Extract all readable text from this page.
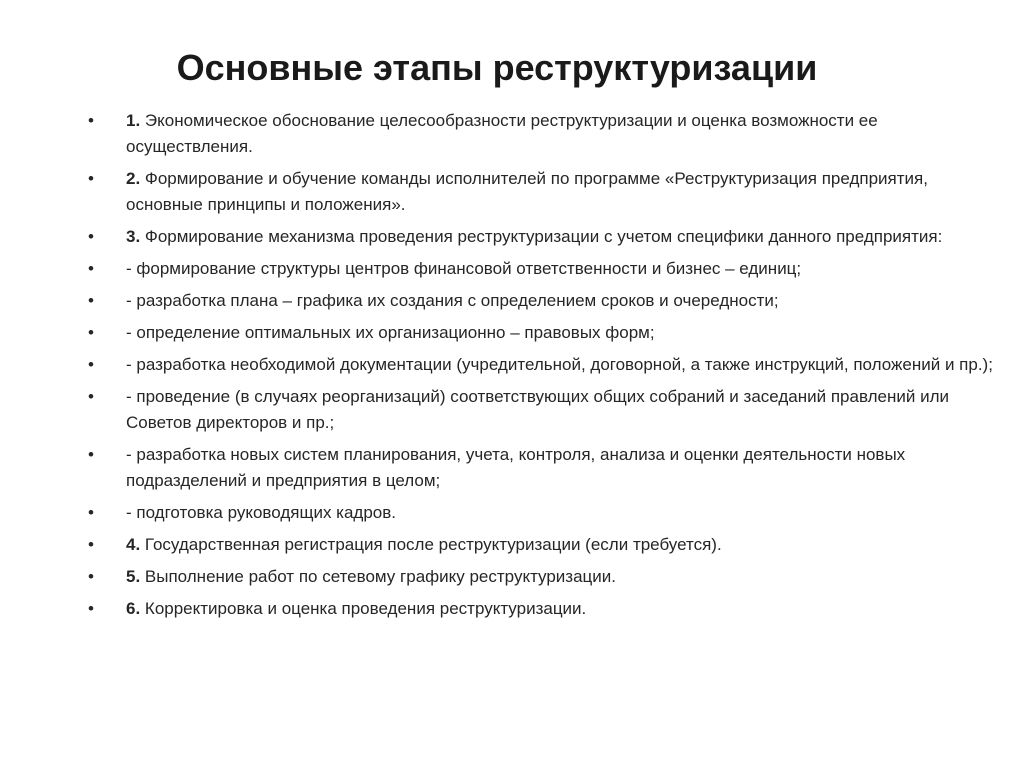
Основные этапы реструктуризации
•	1. Экономическое обоснование целесообразности реструктуризации и оценка возможности ее осуществления.
•	2. Формирование и обучение команды исполнителей по программе «Реструктуризация предприятия, основные принципы и положения».
•	3. Формирование механизма проведения реструктуризации с учетом специфики данного предприятия:
•	- формирование структуры центров финансовой ответственности и бизнес – единиц;
•	- разработка плана – графика их создания с определением сроков и очередности;
•	- определение оптимальных их организационно – правовых форм;
•	- разработка необходимой документации (учредительной, договорной, а также инструкций, положений и пр.);
•	- проведение (в случаях реорганизаций) соответствующих общих собраний и заседаний правлений или Советов директоров и пр.;
•	- разработка новых систем планирования, учета, контроля, анализа и оценки деятельности новых подразделений и предприятия в целом;
•	- подготовка руководящих кадров.
•	4. Государственная регистрация после реструктуризации (если требуется).
•	5. Выполнение работ по сетевому графику реструктуризации.
•	6. Корректировка и оценка проведения реструктуризации.
